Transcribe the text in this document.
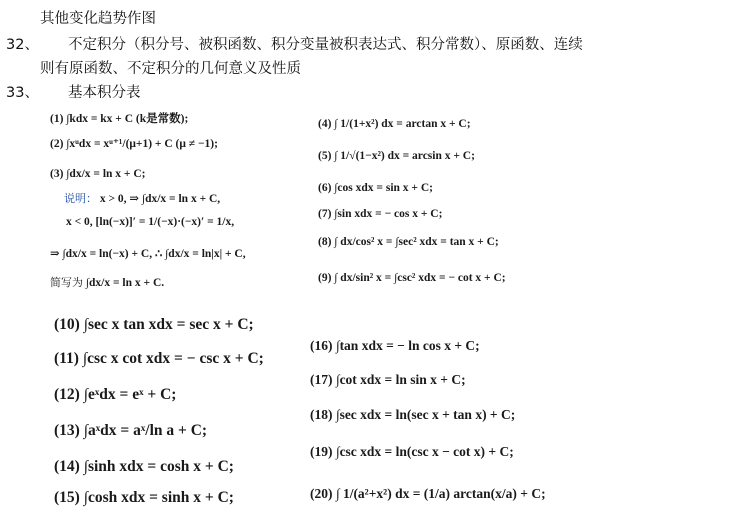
其他变化趋势作图
32、 不定积分（积分号、被积函数、积分变量被积表达式、积分常数）、原函数、连续
则有原函数、不定积分的几何意义及性质
33、 基本积分表
(1) ∫kdx = kx + C (k是常数);
(2) ∫xᵘdx = xᵘ⁺¹/(μ+1) + C (μ ≠ −1);
(3) ∫dx/x = ln x + C;
说明： x > 0, ⇒ ∫dx/x = ln x + C,
x < 0, [ln(−x)]′ = 1/(−x)·(−x)′ = 1/x,
⇒ ∫dx/x = ln(−x) + C, ∴ ∫dx/x = ln|x| + C,
简写为 ∫dx/x = ln x + C.
(4) ∫ 1/(1+x²) dx = arctan x + C;
(5) ∫ 1/√(1−x²) dx = arcsin x + C;
(6) ∫cos xdx = sin x + C;
(7) ∫sin xdx = − cos x + C;
(8) ∫ dx/cos² x = ∫sec² xdx = tan x + C;
(9) ∫ dx/sin² x = ∫csc² xdx = − cot x + C;
(10) ∫sec x tan xdx = sec x + C;
(11) ∫csc x cot xdx = − csc x + C;
(12) ∫eˣdx = eˣ + C;
(13) ∫aˣdx = aˣ/ln a + C;
(14) ∫sinh xdx = cosh x + C;
(15) ∫cosh xdx = sinh x + C;
(16) ∫tan xdx = − ln cos x + C;
(17) ∫cot xdx = ln sin x + C;
(18) ∫sec xdx = ln(sec x + tan x) + C;
(19) ∫csc xdx = ln(csc x − cot x) + C;
(20) ∫ 1/(a²+x²) dx = (1/a) arctan(x/a) + C;
